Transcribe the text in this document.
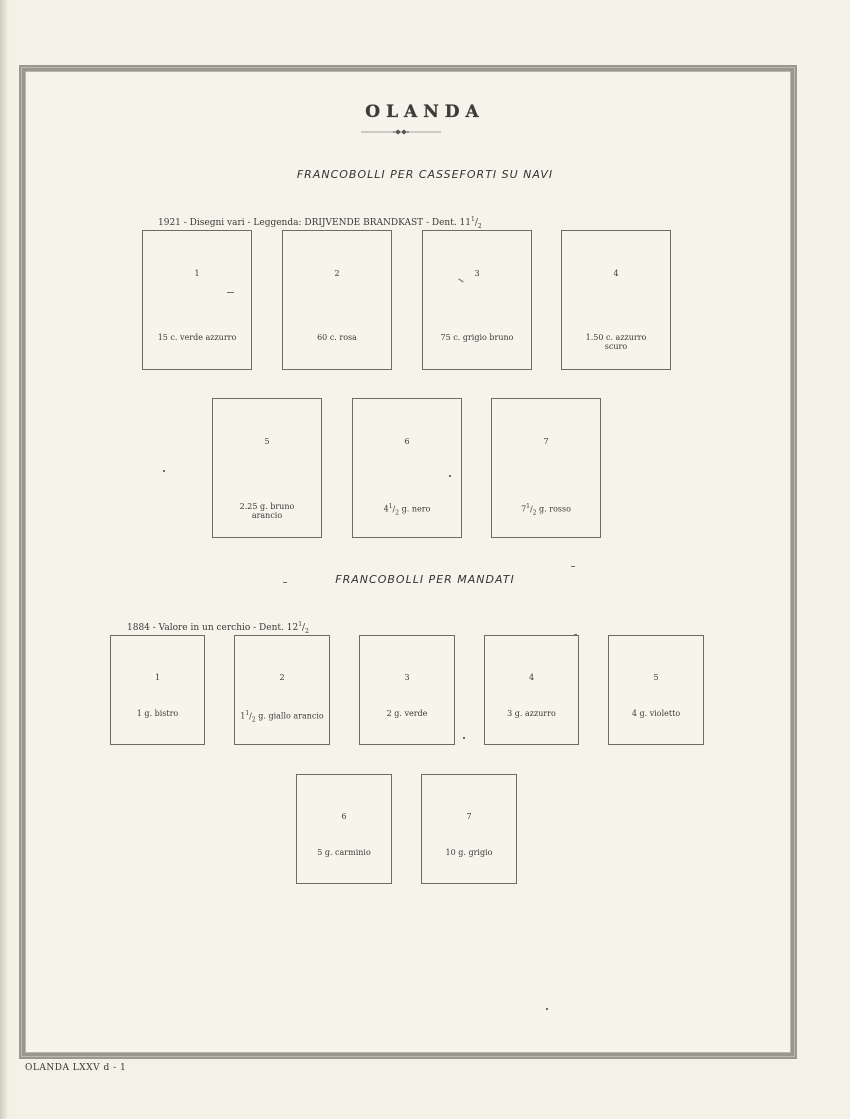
OLANDA
FRANCOBOLLI PER CASSEFORTI SU NAVI
1921 - Disegni vari - Leggenda: DRIJVENDE BRANDKAST - Dent. $11^1/_2$
1
15 c. verde azzurro
2
60 c. rosa
3
75 c. grigio bruno
4
1.50 c. azzurro scuro
5
2.25 g. bruno arancio
6
$4^1/_2$ g. nero
7
$7^1/_2$ g. rosso
FRANCOBOLLI PER MANDATI
1884 - Valore in un cerchio - Dent. $12^1/_2$
1
1 g. bistro
2
$1^1/_2$ g. giallo arancio
3
2 g. verde
4
3 g. azzurro
5
4 g. violetto
6
5 g. carminio
7
10 g. grigio
OLANDA LXXV d - 1
